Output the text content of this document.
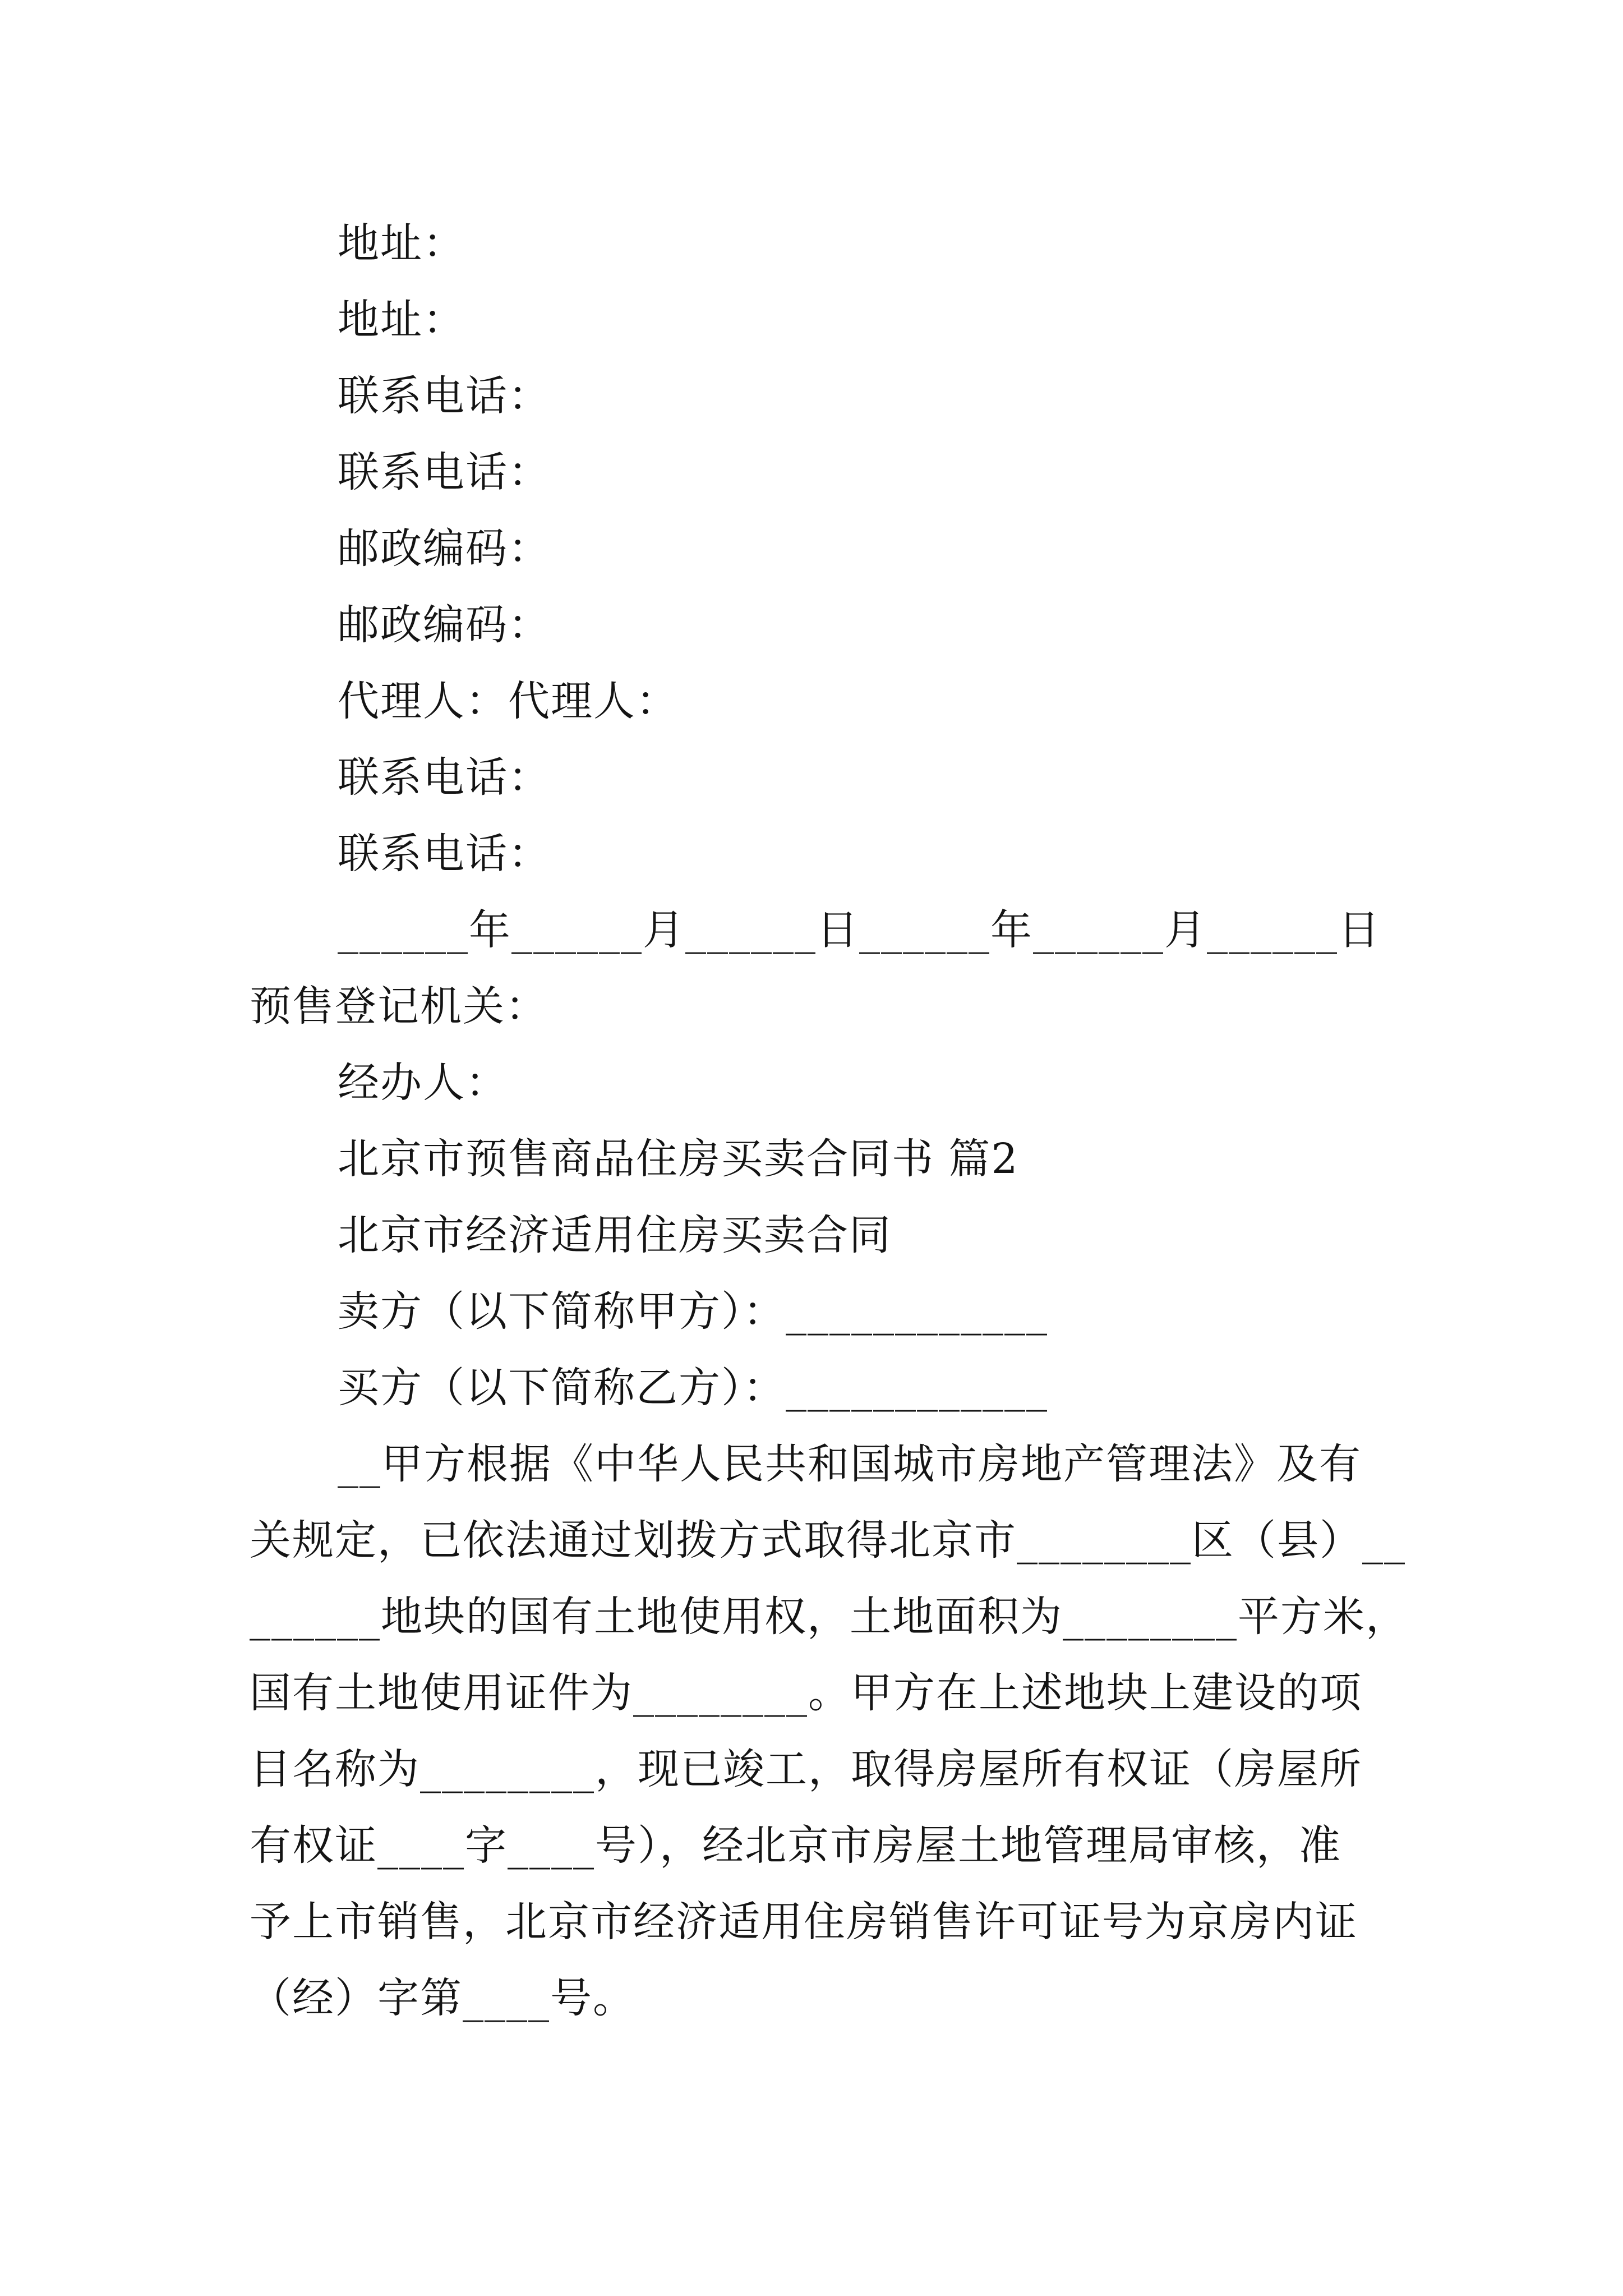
地址：

地址：

联系电话：

联系电话：

邮政编码：

邮政编码：

代理人：代理人：

联系电话：

联系电话：

______年______月______日______年______月______日

预售登记机关：

经办人：

北京市预售商品住房买卖合同书 篇2

北京市经济适用住房买卖合同

卖方（以下简称甲方）：____________

买方（以下简称乙方）：____________

__甲方根据《中华人民共和国城市房地产管理法》及有

关规定，已依法通过划拨方式取得北京市________区（县）__

______地块的国有土地使用权，土地面积为________平方米，

国有土地使用证件为________。甲方在上述地块上建设的项

目名称为________，现已竣工，取得房屋所有权证（房屋所

有权证____字____号），经北京市房屋土地管理局审核，准

予上市销售，北京市经济适用住房销售许可证号为京房内证

（经）字第____号。
